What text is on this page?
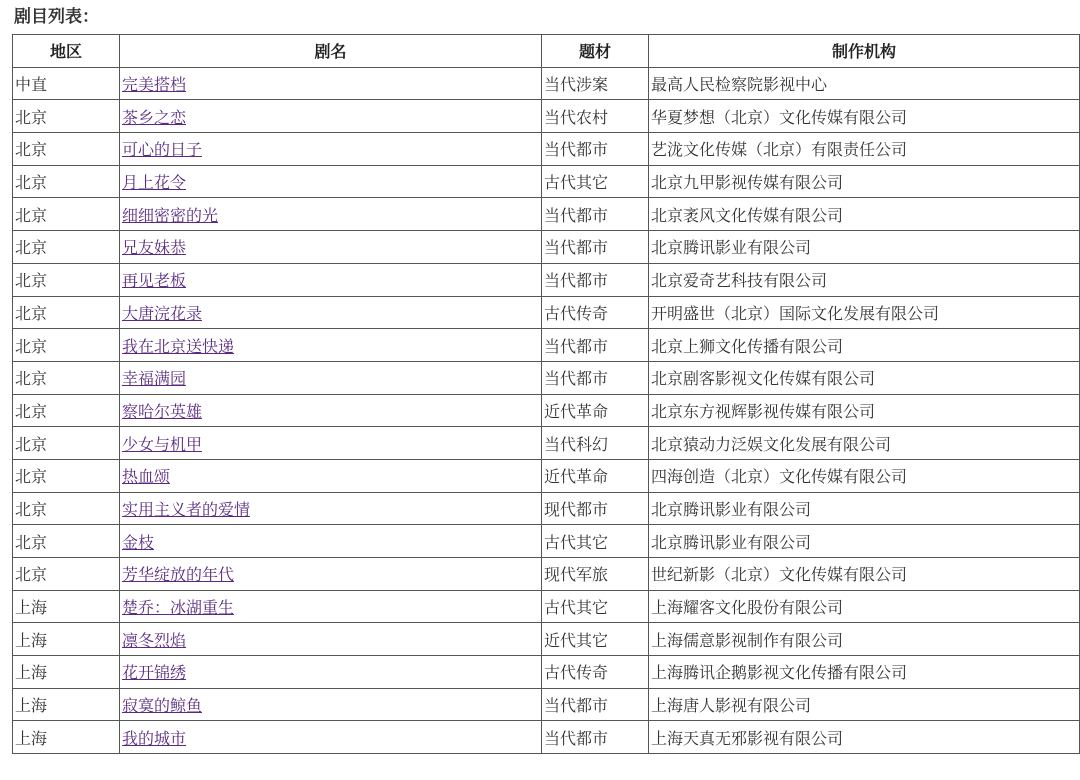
剧目列表：
地区	剧名	题材	制作机构
中直	完美搭档	当代涉案	最高人民检察院影视中心
北京	茶乡之恋	当代农村	华夏梦想（北京）文化传媒有限公司
北京	可心的日子	当代都市	艺泷文化传媒（北京）有限责任公司
北京	月上花令	古代其它	北京九甲影视传媒有限公司
北京	细细密密的光	当代都市	北京袤风文化传媒有限公司
北京	兄友妹恭	当代都市	北京腾讯影业有限公司
北京	再见老板	当代都市	北京爱奇艺科技有限公司
北京	大唐浣花录	古代传奇	开明盛世（北京）国际文化发展有限公司
北京	我在北京送快递	当代都市	北京上狮文化传播有限公司
北京	幸福满园	当代都市	北京剧客影视文化传媒有限公司
北京	察哈尔英雄	近代革命	北京东方视辉影视传媒有限公司
北京	少女与机甲	当代科幻	北京猿动力泛娱文化发展有限公司
北京	热血颂	近代革命	四海创造（北京）文化传媒有限公司
北京	实用主义者的爱情	现代都市	北京腾讯影业有限公司
北京	金枝	古代其它	北京腾讯影业有限公司
北京	芳华绽放的年代	现代军旅	世纪新影（北京）文化传媒有限公司
上海	楚乔：冰湖重生	古代其它	上海耀客文化股份有限公司
上海	凛冬烈焰	近代其它	上海儒意影视制作有限公司
上海	花开锦绣	古代传奇	上海腾讯企鹅影视文化传播有限公司
上海	寂寞的鲸鱼	当代都市	上海唐人影视有限公司
上海	我的城市	当代都市	上海天真无邪影视有限公司
